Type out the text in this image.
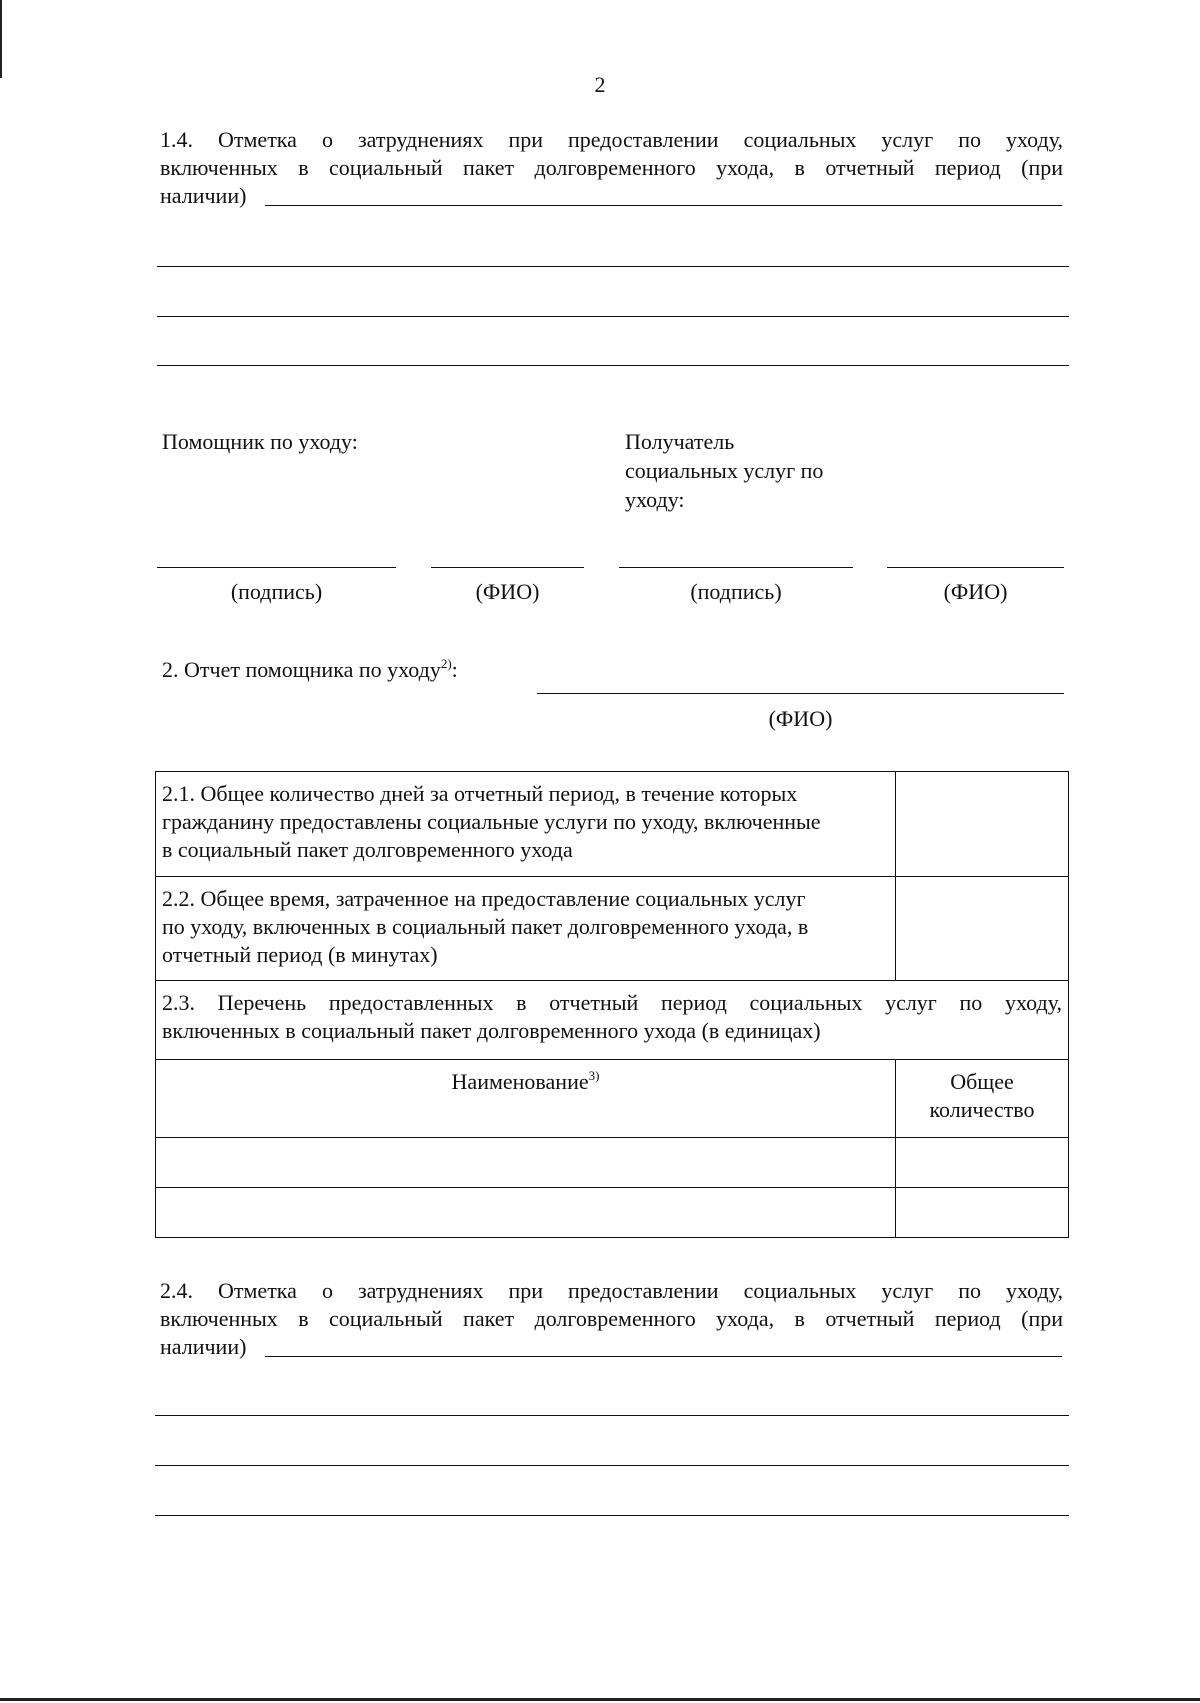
2
1.4. Отметка о затруднениях при предоставлении социальных услуг по уходу,
включенных в социальный пакет долговременного ухода, в отчетный период (при
наличии)
Помощник по уходу:	Получатель
социальных услуг по
уходу:
(подпись)	(ФИО)	(подпись)	(ФИО)
2. Отчет помощника по уходу$^{2)}$:
(ФИО)
2.1. Общее количество дней за отчетный период, в течение которых
гражданину предоставлены социальные услуги по уходу, включенные
в социальный пакет долговременного ухода	

2.2. Общее время, затраченное на предоставление социальных услуг
по уходу, включенных в социальный пакет долговременного ухода, в
отчетный период (в минутах)	

2.3. Перечень предоставленных в отчетный период социальных услуг по уходу,
включенных в социальный пакет долговременного ухода (в единицах)	

Наименование$^{3)}$	Общее
количество

2.4. Отметка о затруднениях при предоставлении социальных услуг по уходу,
включенных в социальный пакет долговременного ухода, в отчетный период (при
наличии)
